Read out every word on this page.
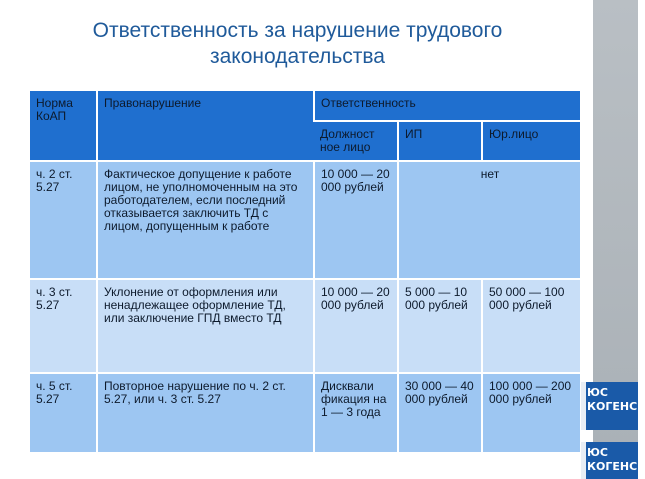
ЮС
КОГЕНС I
ЮС
КОГЕНС I
Ответственность за нарушение трудового законодательства
Норма КоАП	Правонарушение	Ответственность		
		Должност ное лицо	ИП	Юр.лицо
ч. 2 ст. 5.27	Фактическое допущение к работе лицом, не уполномоченным на это работодателем, если последний отказывается заключить ТД с лицом, допущенным к работе	10 000 — 20 000 рублей	нет	
ч. 3 ст. 5.27	Уклонение от оформления или ненадлежащее оформление ТД, или заключение ГПД вместо ТД	10 000 — 20 000 рублей	5 000 — 10 000 рублей	50 000 — 100 000 рублей
ч. 5 ст. 5.27	Повторное нарушение по ч. 2 ст. 5.27, или ч. 3 ст. 5.27	Дисквали фикация на 1 — 3 года	30 000 — 40 000 рублей	100 000 — 200 000 рублей
